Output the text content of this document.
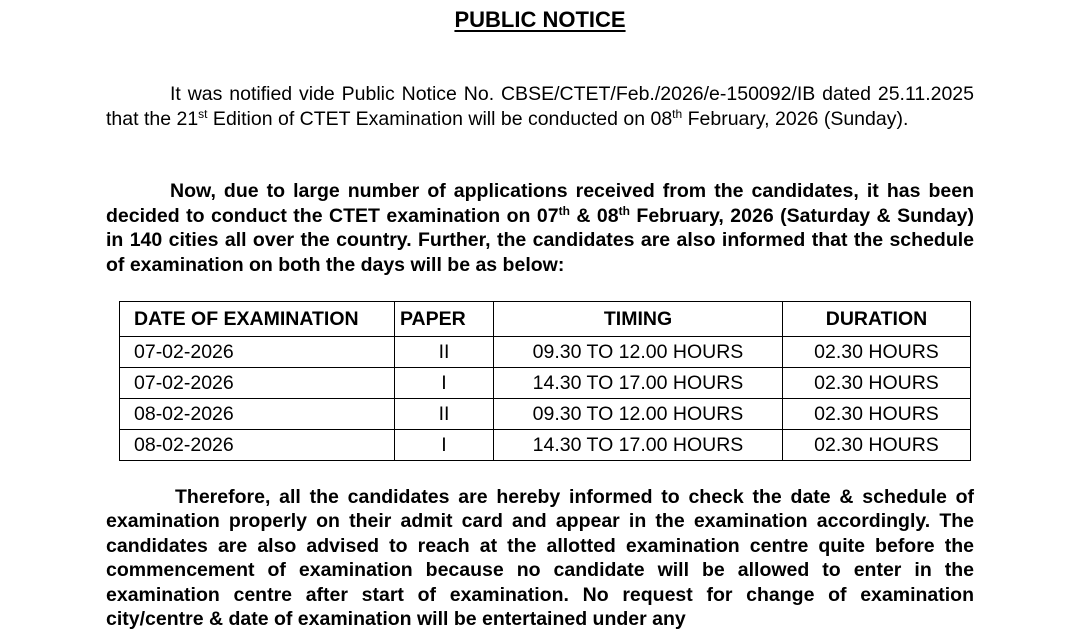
PUBLIC NOTICE

It was notified vide Public Notice No. CBSE/CTET/Feb./2026/e-150092/IB dated 25.11.2025 that the 21st Edition of CTET Examination will be conducted on 08th February, 2026 (Sunday).

Now, due to large number of applications received from the candidates, it has been decided to conduct the CTET examination on 07th & 08th February, 2026 (Saturday & Sunday) in 140 cities all over the country. Further, the candidates are also informed that the schedule of examination on both the days will be as below:

DATE OF EXAMINATION	PAPER	TIMING	DURATION
07-02-2026	II	09.30 TO 12.00 HOURS	02.30 HOURS
07-02-2026	I	14.30 TO 17.00 HOURS	02.30 HOURS
08-02-2026	II	09.30 TO 12.00 HOURS	02.30 HOURS
08-02-2026	I	14.30 TO 17.00 HOURS	02.30 HOURS

Therefore, all the candidates are hereby informed to check the date & schedule of examination properly on their admit card and appear in the examination accordingly. The candidates are also advised to reach at the allotted examination centre quite before the commencement of examination because no candidate will be allowed to enter in the examination centre after start of examination. No request for change of examination city/centre & date of examination will be entertained under any
